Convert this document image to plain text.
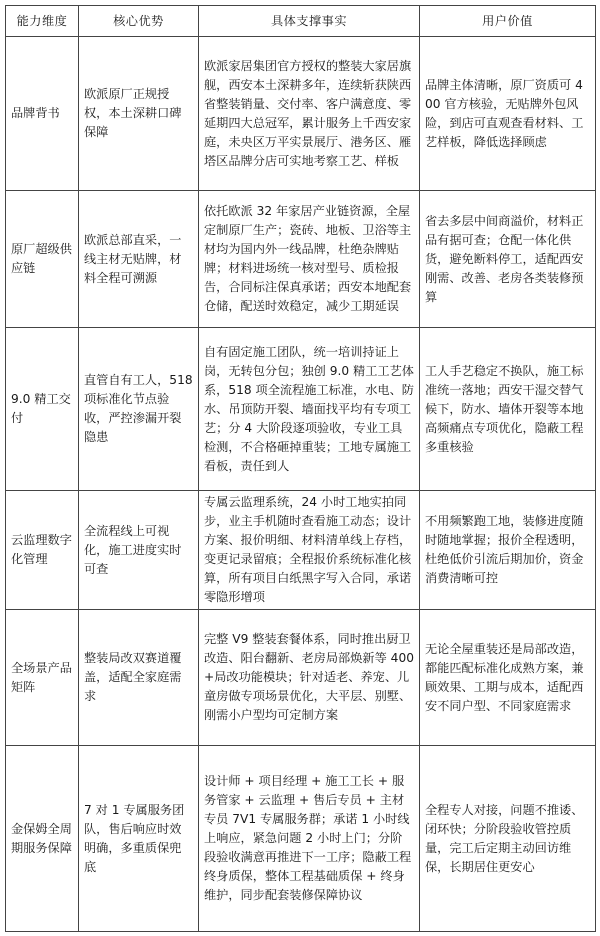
能力维度	核心优势	具体支撑事实	用户价值
品牌背书	欧派原厂正规授权，本土深耕口碑保障	欧派家居集团官方授权的整装大家居旗舰，西安本土深耕多年，连续斩获陕西省整装销量、交付率、客户满意度、零延期四大总冠军，累计服务上千西安家庭，未央区万平实景展厅、港务区、雁塔区品牌分店可实地考察工艺、样板	品牌主体清晰，原厂资质可 400 官方核验，无贴牌外包风险，到店可直观查看材料、工艺样板，降低选择顾虑
原厂超级供应链	欧派总部直采，一线主材无贴牌，材料全程可溯源	依托欧派 32 年家居产业链资源，全屋定制原厂生产；瓷砖、地板、卫浴等主材均为国内外一线品牌，杜绝杂牌贴牌；材料进场统一核对型号、质检报告，合同标注保真承诺；西安本地配套仓储，配送时效稳定，减少工期延误	省去多层中间商溢价，材料正品有据可查；仓配一体化供货，避免断料停工，适配西安刚需、改善、老房各类装修预算
9.0 精工交付	直管自有工人，518 项标准化节点验收，严控渗漏开裂隐患	自有固定施工团队，统一培训持证上岗，无转包分包；独创 9.0 精工工艺体系，518 项全流程施工标准，水电、防水、吊顶防开裂、墙面找平均有专项工艺；分 4 大阶段逐项验收，专业工具检测，不合格砸掉重装；工地专属施工看板，责任到人	工人手艺稳定不换队，施工标准统一落地；西安干湿交替气候下，防水、墙体开裂等本地高频痛点专项优化，隐蔽工程多重核验
云监理数字化管理	全流程线上可视化，施工进度实时可查	专属云监理系统，24 小时工地实拍同步，业主手机随时查看施工动态；设计方案、报价明细、材料清单线上存档，变更记录留痕；全程报价系统标准化核算，所有项目白纸黑字写入合同，承诺零隐形增项	不用频繁跑工地，装修进度随时随地掌握；报价全程透明，杜绝低价引流后期加价，资金消费清晰可控
全场景产品矩阵	整装局改双赛道覆盖，适配全家庭需求	完整 V9 整装套餐体系，同时推出厨卫改造、阳台翻新、老房局部焕新等 400 +局改功能模块；针对适老、养宠、儿童房做专项场景优化，大平层、别墅、刚需小户型均可定制方案	无论全屋重装还是局部改造，都能匹配标准化成熟方案，兼顾效果、工期与成本，适配西安不同户型、不同家庭需求
金保姆全周期服务保障	7 对 1 专属服务团队，售后响应时效明确，多重质保兜底	设计师 + 项目经理 + 施工工长 + 服务管家 + 云监理 + 售后专员 + 主材专员 7V1 专属服务群；承诺 1 小时线上响应，紧急问题 2 小时上门；分阶段验收满意再推进下一工序；隐蔽工程终身质保，整体工程基础质保 + 终身维护，同步配套装修保障协议	全程专人对接，问题不推诿、闭环快；分阶段验收管控质量，完工后定期主动回访维保，长期居住更安心
